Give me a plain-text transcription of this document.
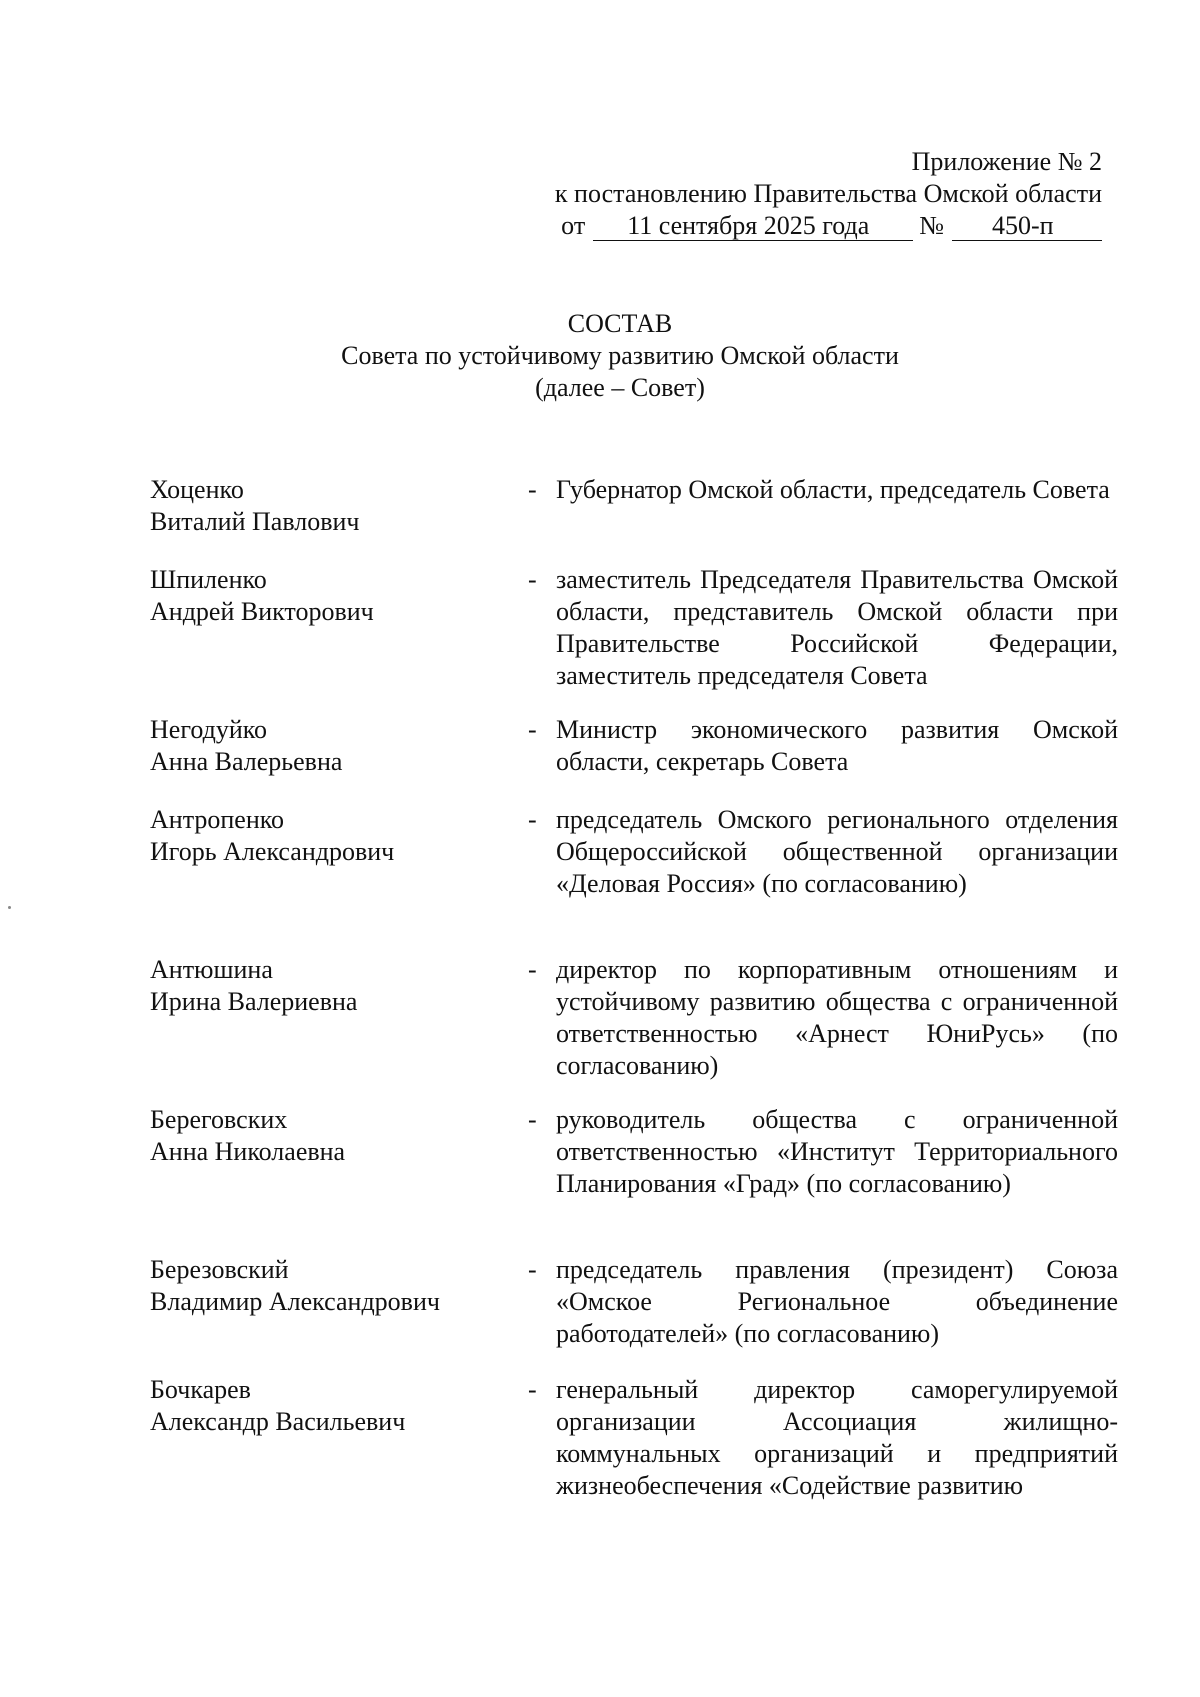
Приложение № 2
к постановлению Правительства Омской области
от	11 сентября 2025 года	№	450-п
СОСТАВ
Совета по устойчивому развитию Омской области
(далее – Совет)
Хоценко
Виталий Павлович
- Губернатор Омской области, председатель Совета
Шпиленко
Андрей Викторович
- заместитель Председателя Правительства Омской области, представитель Омской области при Правительстве Российской Федерации, заместитель председателя Совета
Негодуйко
Анна Валерьевна
- Министр экономического развития Омской области, секретарь Совета
Антропенко
Игорь Александрович
- председатель Омского регионального отделения Общероссийской общественной организации «Деловая Россия» (по согласованию)
Антюшина
Ирина Валериевна
- директор по корпоративным отношениям и устойчивому развитию общества с ограниченной ответственностью «Арнест ЮниРусь» (по согласованию)
Береговских
Анна Николаевна
- руководитель общества с ограниченной ответственностью «Институт Территориального Планирования «Град» (по согласованию)
Березовский
Владимир Александрович
- председатель правления (президент) Союза «Омское Региональное объединение работодателей» (по согласованию)
Бочкарев
Александр Васильевич
- генеральный директор саморегулируемой организации Ассоциация жилищно-коммунальных организаций и предприятий жизнеобеспечения «Содействие развитию
